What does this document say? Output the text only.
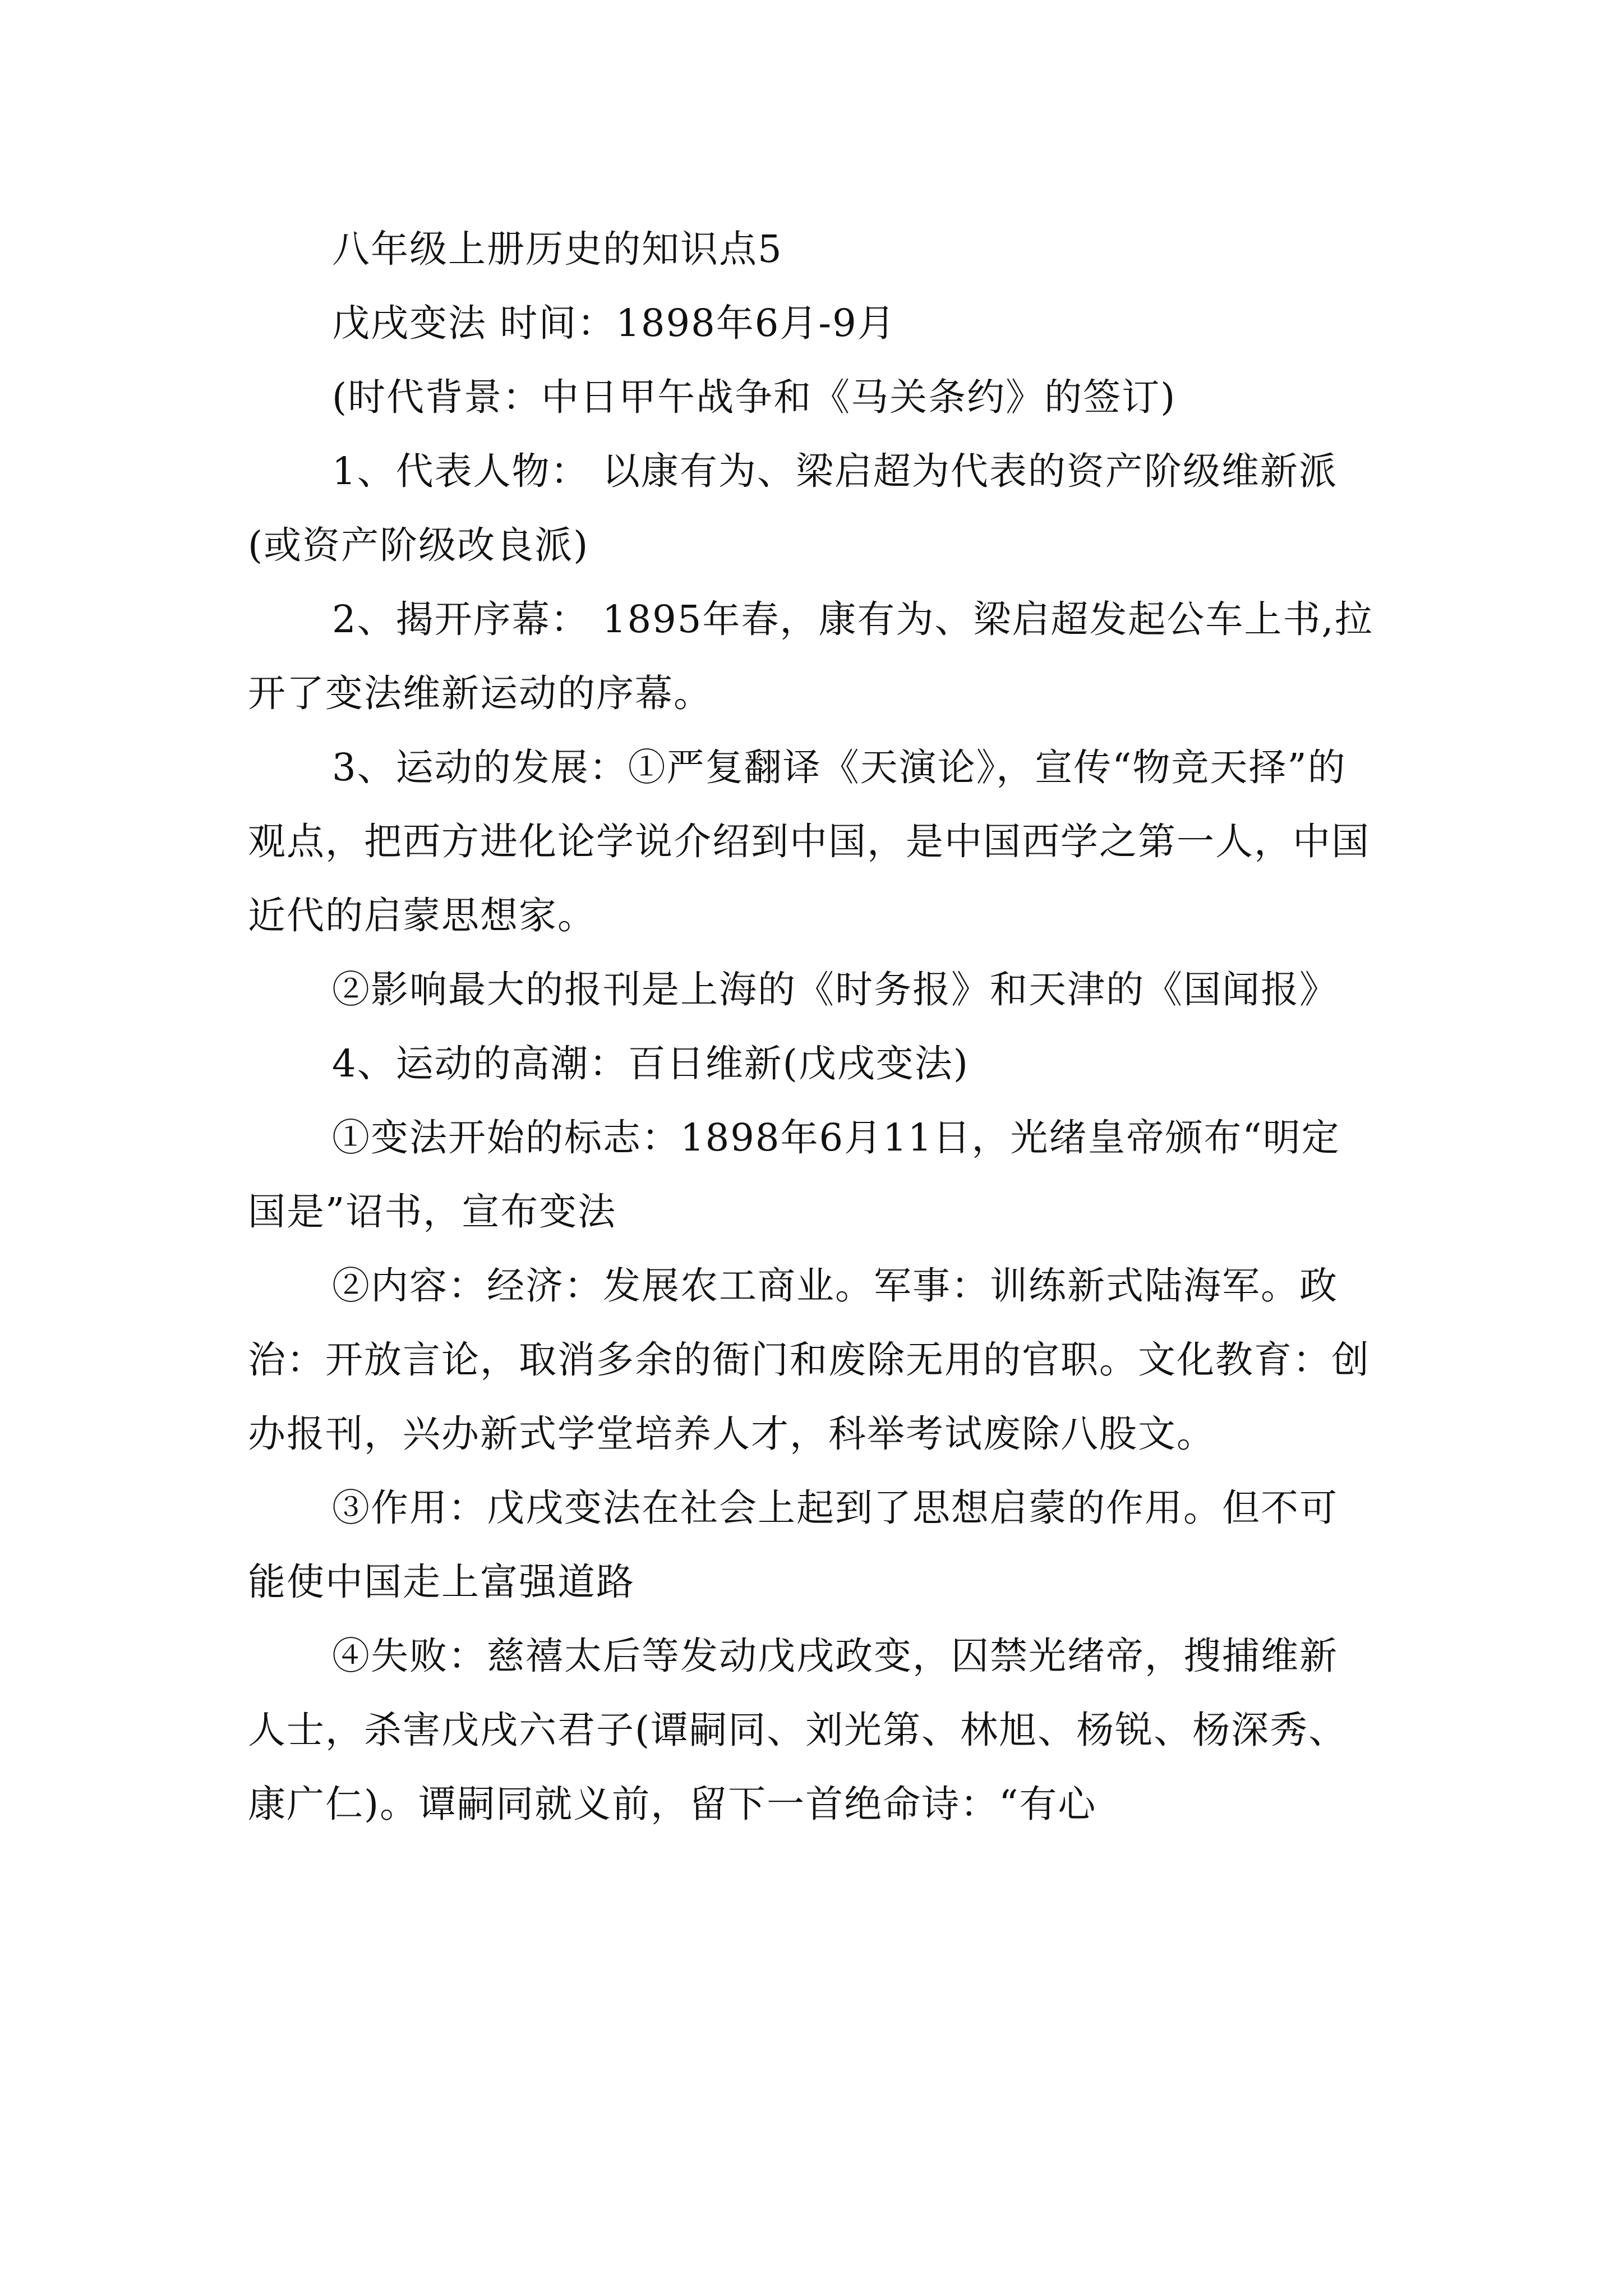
八年级上册历史的知识点5

戊戌变法 时间：1898年6月-9月

(时代背景：中日甲午战争和《马关条约》的签订)

1、代表人物： 以康有为、梁启超为代表的资产阶级维新派(或资产阶级改良派)

2、揭开序幕： 1895年春，康有为、梁启超发起公车上书,拉开了变法维新运动的序幕。

3、运动的发展：①严复翻译《天演论》，宣传“物竞天择”的观点，把西方进化论学说介绍到中国，是中国西学之第一人，中国近代的启蒙思想家。

②影响最大的报刊是上海的《时务报》和天津的《国闻报》

4、运动的高潮：百日维新(戊戌变法)

①变法开始的标志：1898年6月11日，光绪皇帝颁布“明定国是”诏书，宣布变法

②内容：经济：发展农工商业。军事：训练新式陆海军。政治：开放言论，取消多余的衙门和废除无用的官职。文化教育：创办报刊，兴办新式学堂培养人才，科举考试废除八股文。

③作用：戊戌变法在社会上起到了思想启蒙的作用。但不可能使中国走上富强道路

④失败：慈禧太后等发动戊戌政变，囚禁光绪帝，搜捕维新人士，杀害戊戌六君子(谭嗣同、刘光第、林旭、杨锐、杨深秀、康广仁)。谭嗣同就义前，留下一首绝命诗：“有心
